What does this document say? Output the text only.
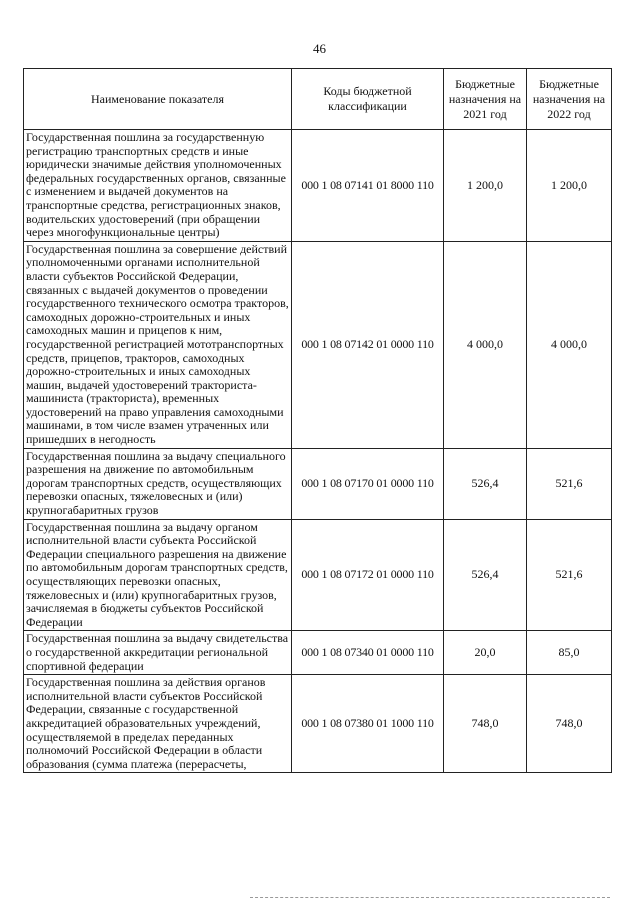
46
Наименование показателя	Коды бюджетной классификации	Бюджетные назначения на 2021 год	Бюджетные назначения на 2022 год
Государственная пошлина за государственную регистрацию транспортных средств и иные юридически значимые действия уполномоченных федеральных государственных органов, связанные с изменением и выдачей документов на транспортные средства, регистрационных знаков, водительских удостоверений (при обращении через многофункциональные центры)	000 1 08 07141 01 8000 110	1 200,0	1 200,0
Государственная пошлина за совершение действий уполномоченными органами исполнительной власти субъектов Российской Федерации, связанных с выдачей документов о проведении государственного технического осмотра тракторов, самоходных дорожно-строительных и иных самоходных машин и прицепов к ним, государственной регистрацией мототранспортных средств, прицепов, тракторов, самоходных дорожно-строительных и иных самоходных машин, выдачей удостоверений тракториста-машиниста (тракториста), временных удостоверений на право управления самоходными машинами, в том числе взамен утраченных или пришедших в негодность	000 1 08 07142 01 0000 110	4 000,0	4 000,0
Государственная пошлина за выдачу специального разрешения на движение по автомобильным дорогам транспортных средств, осуществляющих перевозки опасных, тяжеловесных и (или) крупногабаритных грузов	000 1 08 07170 01 0000 110	526,4	521,6
Государственная пошлина за выдачу органом исполнительной власти субъекта Российской Федерации специального разрешения на движение по автомобильным дорогам транспортных средств, осуществляющих перевозки опасных, тяжеловесных и (или) крупногабаритных грузов, зачисляемая в бюджеты субъектов Российской Федерации	000 1 08 07172 01 0000 110	526,4	521,6
Государственная пошлина за выдачу свидетельства о государственной аккредитации региональной спортивной федерации	000 1 08 07340 01 0000 110	20,0	85,0
Государственная пошлина за действия органов исполнительной власти субъектов Российской Федерации, связанные с государственной аккредитацией образовательных учреждений, осуществляемой в пределах переданных полномочий Российской Федерации в области образования (сумма платежа (перерасчеты,	000 1 08 07380 01 1000 110	748,0	748,0
